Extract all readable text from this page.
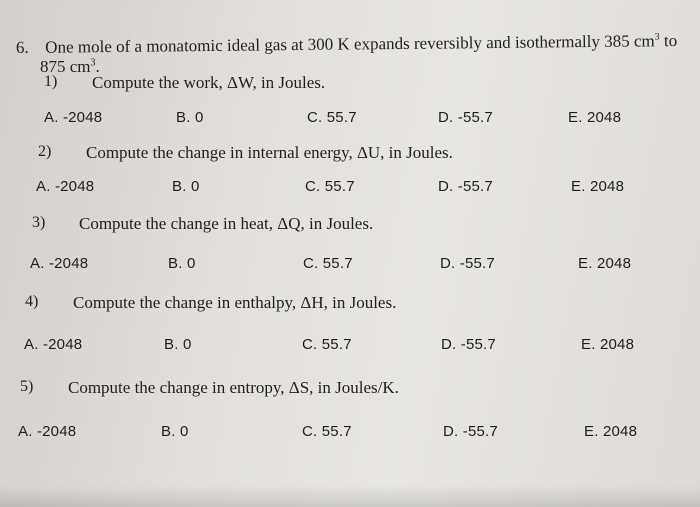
6. One mole of a monatomic ideal gas at 300 K expands reversibly and isothermally 385 $cm^3$ to
875 $cm^3$.
1) Compute the work, ΔW, in Joules.
A. -2048	B. 0	C. 55.7	D. -55.7	E. 2048
2) Compute the change in internal energy, ΔU, in Joules.
A. -2048	B. 0	C. 55.7	D. -55.7	E. 2048
3) Compute the change in heat, ΔQ, in Joules.
A. -2048	B. 0	C. 55.7	D. -55.7	E. 2048
4) Compute the change in enthalpy, ΔH, in Joules.
A. -2048	B. 0	C. 55.7	D. -55.7	E. 2048
5) Compute the change in entropy, ΔS, in Joules/K.
A. -2048	B. 0	C. 55.7	D. -55.7	E. 2048
